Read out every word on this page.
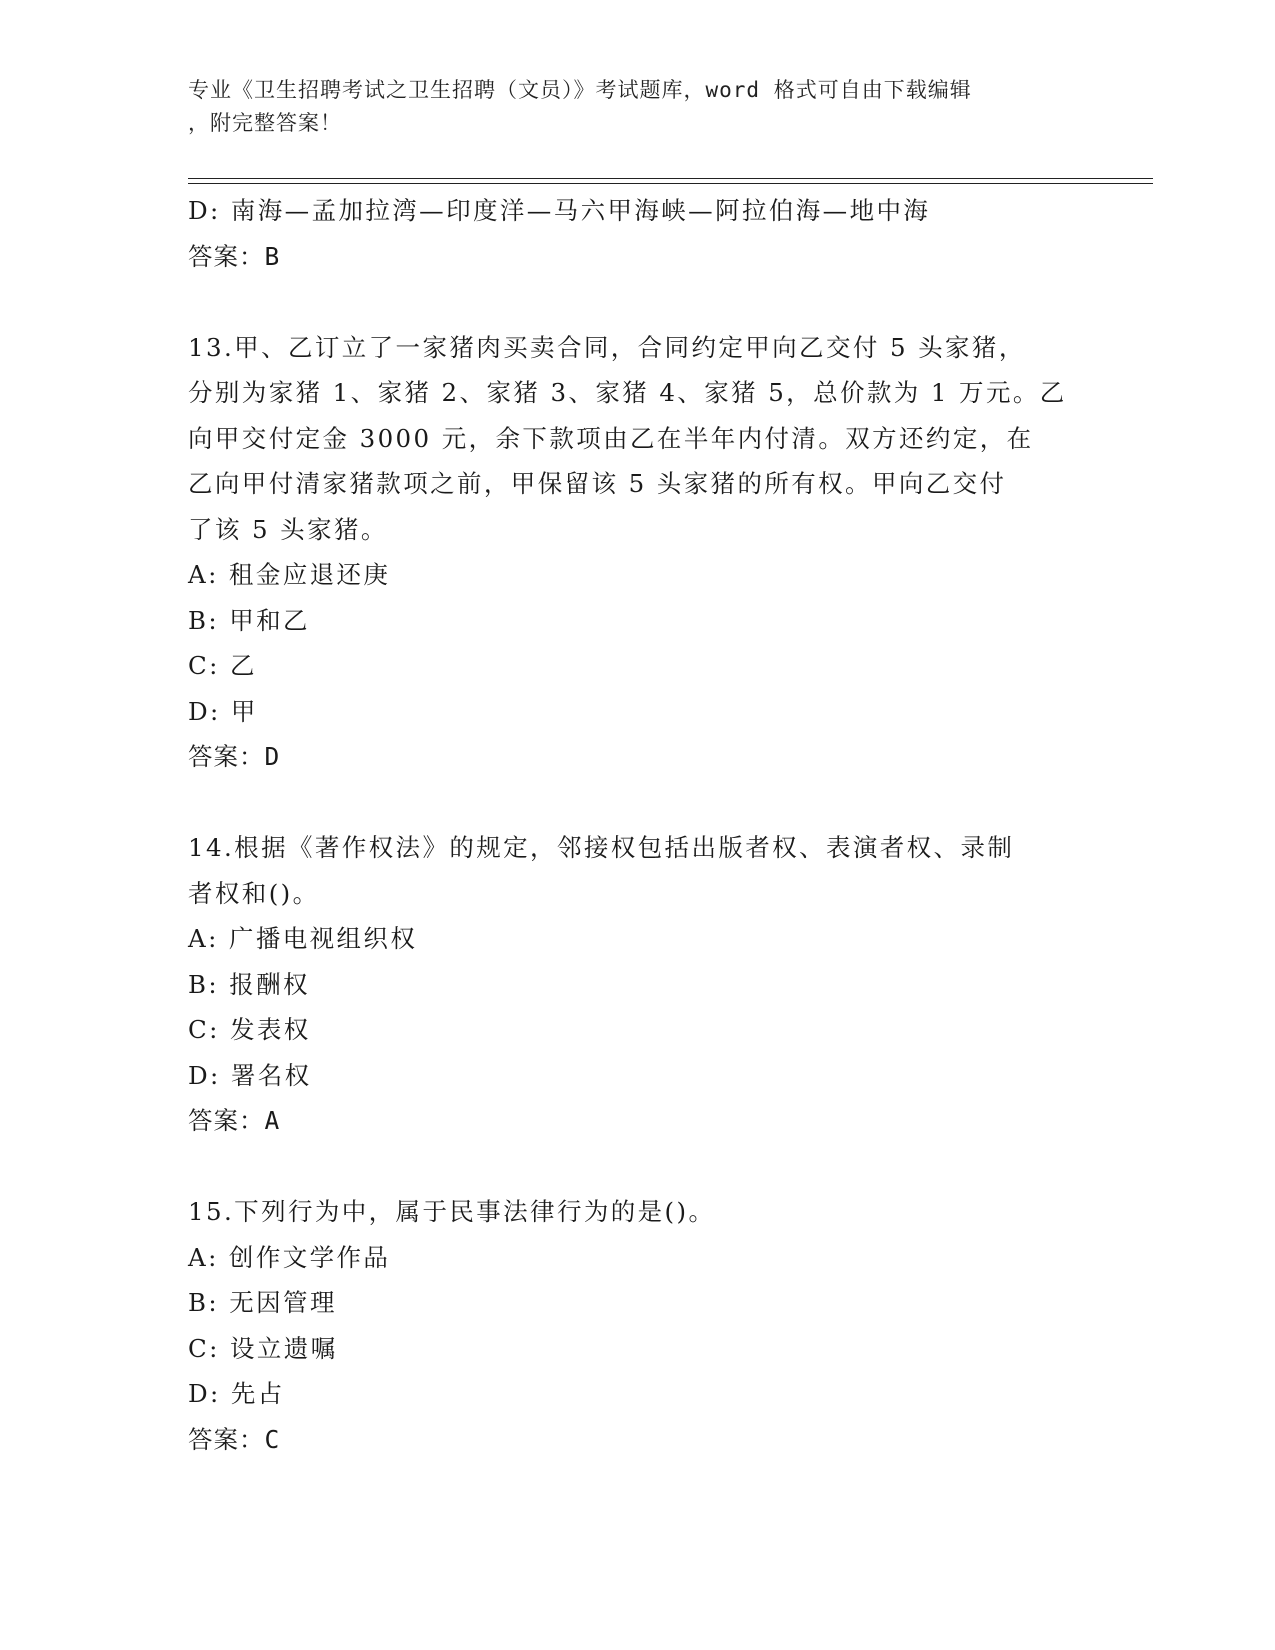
专业《卫生招聘考试之卫生招聘（文员）》考试题库，word 格式可自由下载编辑
，附完整答案！
D: 南海—孟加拉湾—印度洋—马六甲海峡—阿拉伯海—地中海
答案：B
13.甲、乙订立了一家猪肉买卖合同，合同约定甲向乙交付 5 头家猪，
分别为家猪 1、家猪 2、家猪 3、家猪 4、家猪 5，总价款为 1 万元。乙
向甲交付定金 3000 元，余下款项由乙在半年内付清。双方还约定，在
乙向甲付清家猪款项之前，甲保留该 5 头家猪的所有权。甲向乙交付
了该 5 头家猪。
A: 租金应退还庚
B: 甲和乙
C: 乙
D: 甲
答案：D
14.根据《著作权法》的规定，邻接权包括出版者权、表演者权、录制
者权和()。
A: 广播电视组织权
B: 报酬权
C: 发表权
D: 署名权
答案：A
15.下列行为中，属于民事法律行为的是()。
A: 创作文学作品
B: 无因管理
C: 设立遗嘱
D: 先占
答案：C
